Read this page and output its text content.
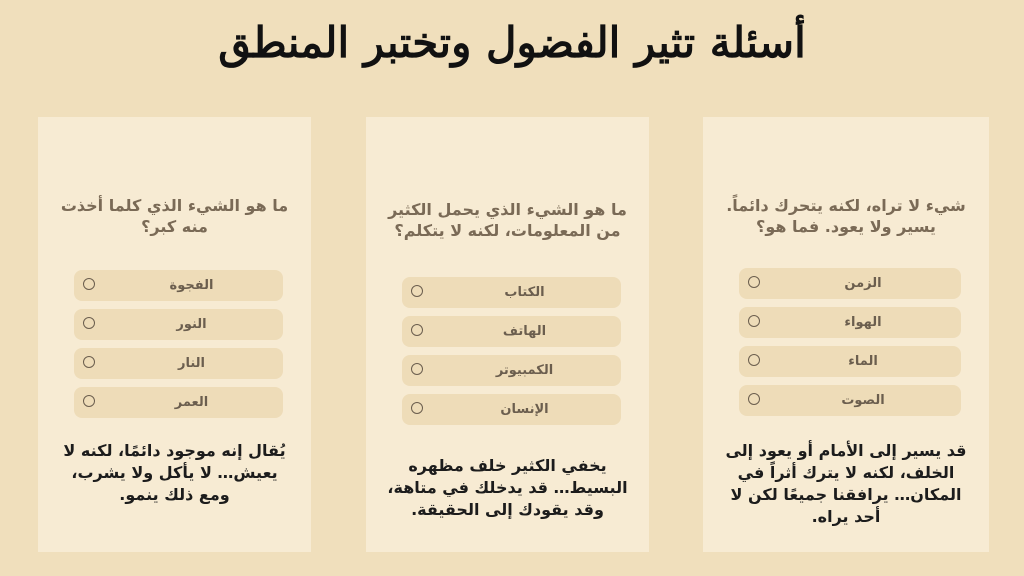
أسئلة تثير الفضول وتختبر المنطق
ما هو الشيء الذي كلما أخذت منه كبر؟
الفجوة
النور
النار
العمر
يُقال إنه موجود دائمًا، لكنه لا يعيش… لا يأكل ولا يشرب، ومع ذلك ينمو.
ما هو الشيء الذي يحمل الكثير من المعلومات، لكنه لا يتكلم؟
الكتاب
الهاتف
الكمبيوتر
الإنسان
يخفي الكثير خلف مظهره البسيط… قد يدخلك في متاهة، وقد يقودك إلى الحقيقة.
شيء لا تراه، لكنه يتحرك دائماً. يسير ولا يعود. فما هو؟
الزمن
الهواء
الماء
الصوت
قد يسير إلى الأمام أو يعود إلى الخلف، لكنه لا يترك أثراً في المكان… يرافقنا جميعًا لكن لا أحد يراه.
